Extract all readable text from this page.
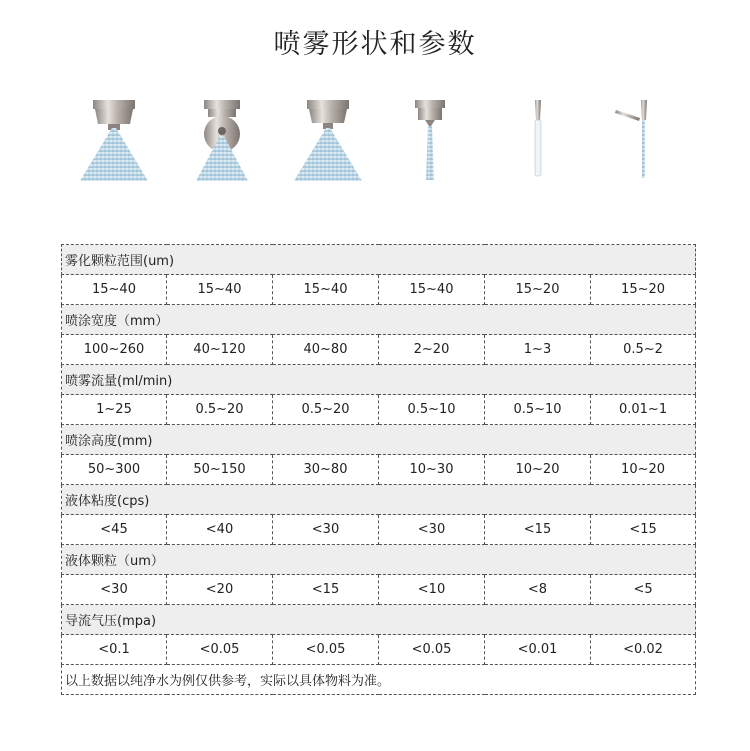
喷雾形状和参数
雾化颗粒范围(um)					
15~40	15~40	15~40	15~40	15~20	15~20
喷涂宽度（mm）					
100~260	40~120	40~80	2~20	1~3	0.5~2
喷雾流量(ml/min)					
1~25	0.5~20	0.5~20	0.5~10	0.5~10	0.01~1
喷涂高度(mm)					
50~300	50~150	30~80	10~30	10~20	10~20
液体粘度(cps)					
<45	<40	<30	<30	<15	<15
液体颗粒（um）					
<30	<20	<15	<10	<8	<5
导流气压(mpa)					
<0.1	<0.05	<0.05	<0.05	<0.01	<0.02
以上数据以纯净水为例仅供参考，实际以具体物料为准。					
